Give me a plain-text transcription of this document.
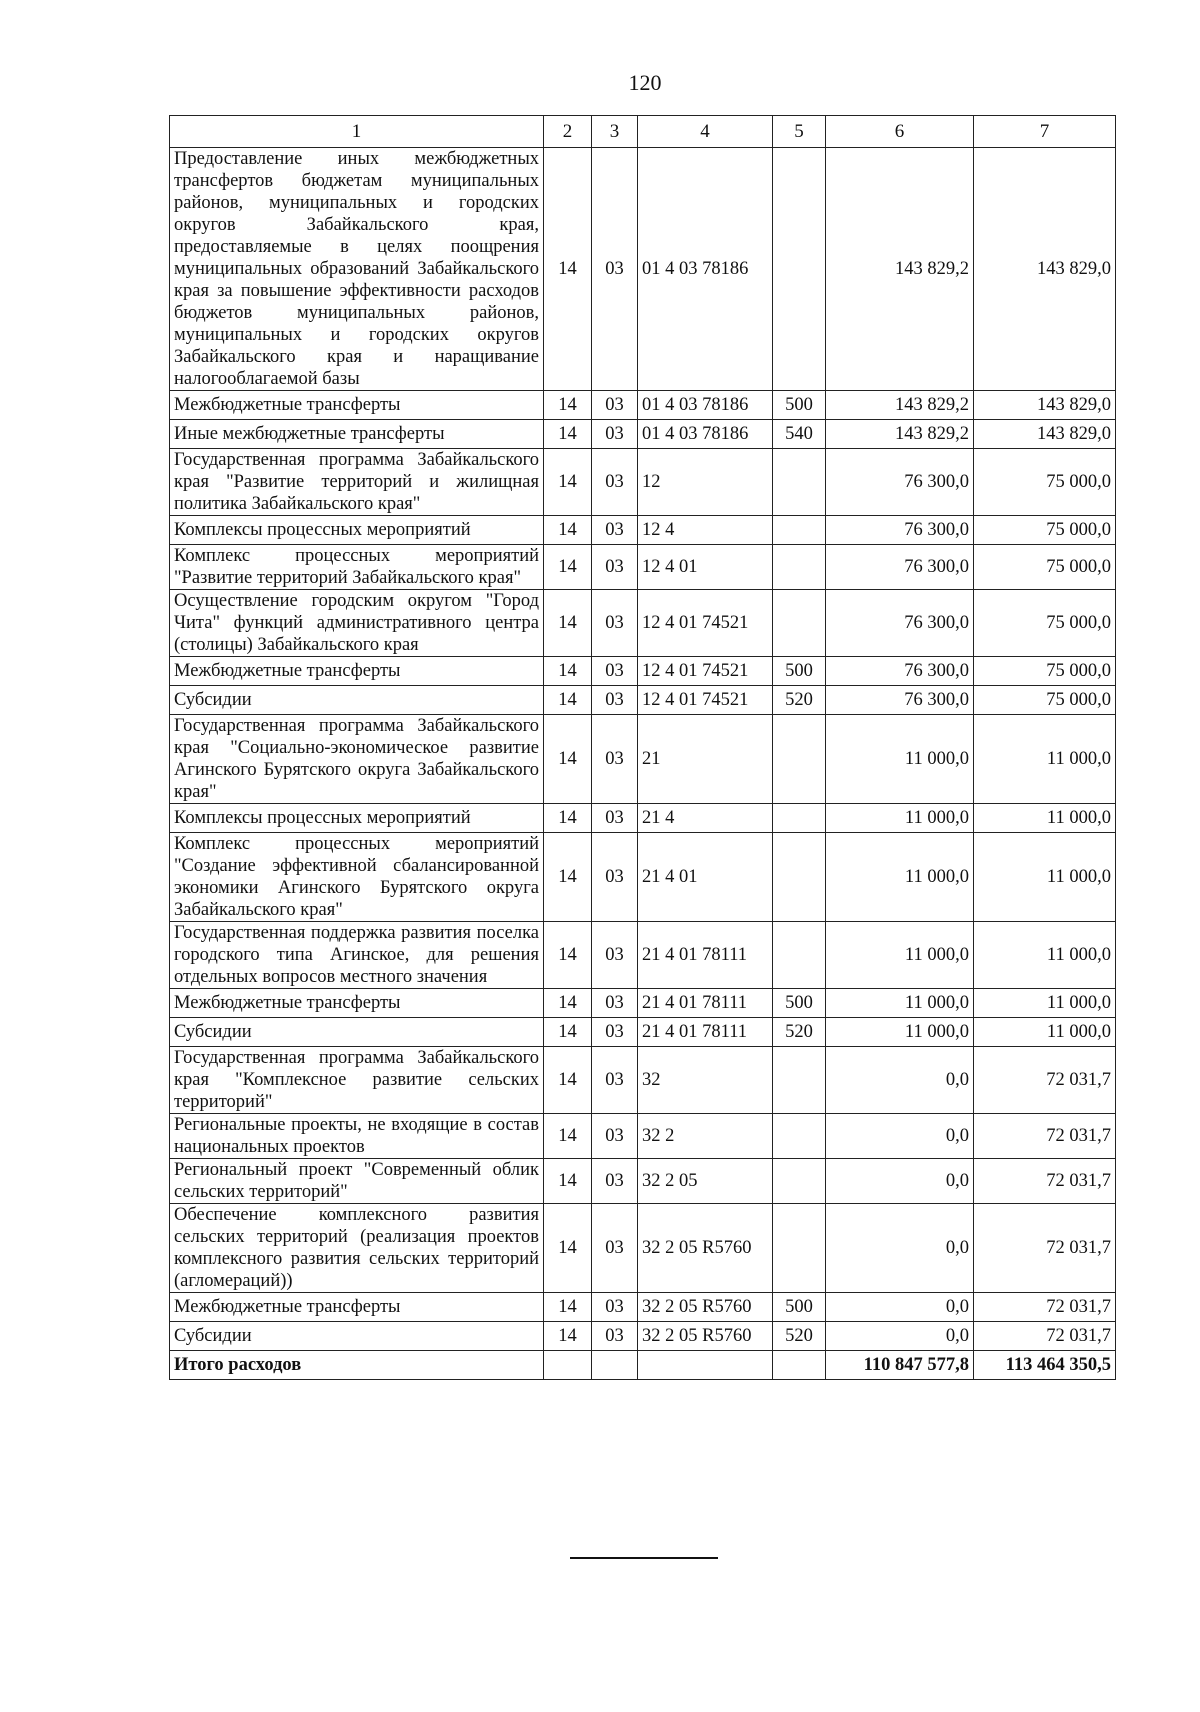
120
1	2	3	4	5	6	7
Предоставление иных межбюджетных трансфертов бюджетам муниципальных районов, муниципальных и городских округов Забайкальского края, предоставляемые в целях поощрения муниципальных образований Забайкальского края за повышение эффективности расходов бюджетов муниципальных районов, муниципальных и городских округов Забайкальского края и наращивание налогооблагаемой базы	14	03	01 4 03 78186		143 829,2	143 829,0
Межбюджетные трансферты	14	03	01 4 03 78186	500	143 829,2	143 829,0
Иные межбюджетные трансферты	14	03	01 4 03 78186	540	143 829,2	143 829,0
Государственная программа Забайкальского края "Развитие территорий и жилищная политика Забайкальского края"	14	03	12		76 300,0	75 000,0
Комплексы процессных мероприятий	14	03	12 4		76 300,0	75 000,0
Комплекс процессных мероприятий "Развитие территорий Забайкальского края"	14	03	12 4 01		76 300,0	75 000,0
Осуществление городским округом "Город Чита" функций административного центра (столицы) Забайкальского края	14	03	12 4 01 74521		76 300,0	75 000,0
Межбюджетные трансферты	14	03	12 4 01 74521	500	76 300,0	75 000,0
Субсидии	14	03	12 4 01 74521	520	76 300,0	75 000,0
Государственная программа Забайкальского края "Социально-экономическое развитие Агинского Бурятского округа Забайкальского края"	14	03	21		11 000,0	11 000,0
Комплексы процессных мероприятий	14	03	21 4		11 000,0	11 000,0
Комплекс процессных мероприятий "Создание эффективной сбалансированной экономики Агинского Бурятского округа Забайкальского края"	14	03	21 4 01		11 000,0	11 000,0
Государственная поддержка развития поселка городского типа Агинское, для решения отдельных вопросов местного значения	14	03	21 4 01 78111		11 000,0	11 000,0
Межбюджетные трансферты	14	03	21 4 01 78111	500	11 000,0	11 000,0
Субсидии	14	03	21 4 01 78111	520	11 000,0	11 000,0
Государственная программа Забайкальского края "Комплексное развитие сельских территорий"	14	03	32		0,0	72 031,7
Региональные проекты, не входящие в состав национальных проектов	14	03	32 2		0,0	72 031,7
Региональный проект "Современный облик сельских территорий"	14	03	32 2 05		0,0	72 031,7
Обеспечение комплексного развития сельских территорий (реализация проектов комплексного развития сельских территорий (агломераций))	14	03	32 2 05 R5760		0,0	72 031,7
Межбюджетные трансферты	14	03	32 2 05 R5760	500	0,0	72 031,7
Субсидии	14	03	32 2 05 R5760	520	0,0	72 031,7
Итого расходов					110 847 577,8	113 464 350,5
